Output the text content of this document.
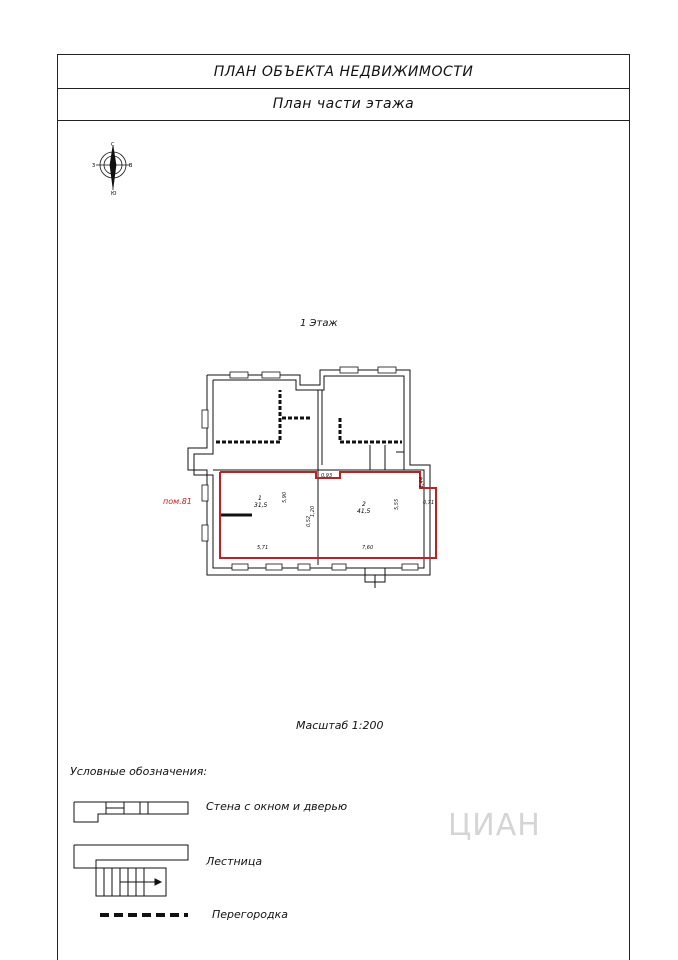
ПЛАН ОБЪЕКТА НЕДВИЖИМОСТИ
План части этажа
С
Ю
З	В
1
31,5	2
41,5
5,90
5,71	7,60
5,55
0,52
1,20
0,71
1,44
0,93
1 Этаж
пом.81
Масштаб 1:200
Условные обозначения:
Стена с окном и дверью
Лестница
Перегородка
ЦИАН
